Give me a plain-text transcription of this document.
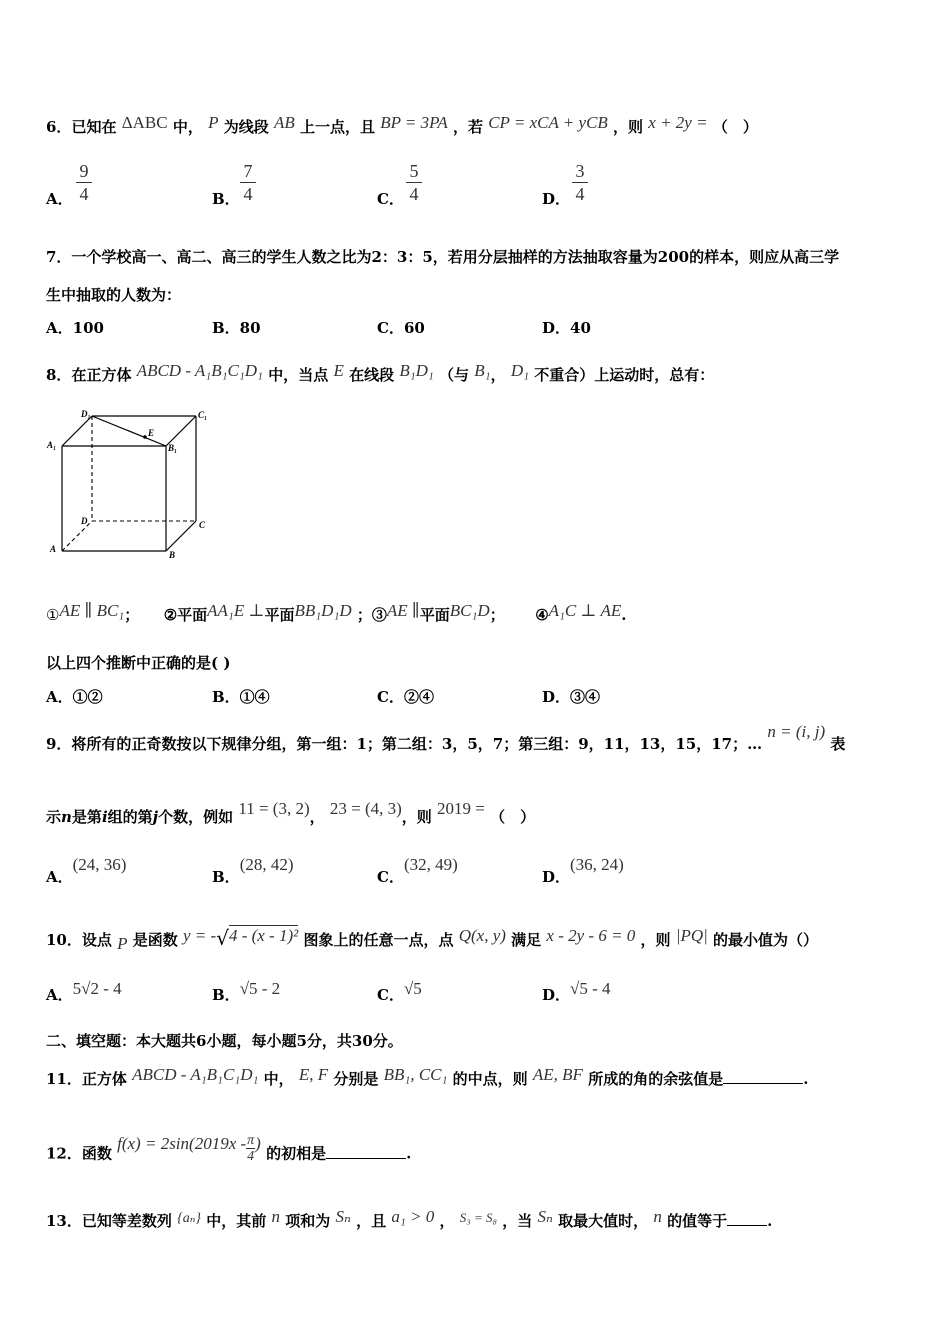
6．已知在 ΔABC 中， P 为线段 AB 上一点，且 BP = 3PA ，若 CP = xCA + yCB ，则 x + 2y = （　）
A． $\frac{9}{4}$	B． $\frac{7}{4}$	C． $\frac{5}{4}$	D． $\frac{3}{4}$
7．一个学校高一、高二、高三的学生人数之比为2：3：5，若用分层抽样的方法抽取容量为200的样本，则应从高三学
生中抽取的人数为：
A．100	B．80	C．60	D．40
8．在正方体 ABCD - A₁B₁C₁D₁ 中，当点 E 在线段 B₁D₁ （与 B₁， D₁ 不重合）上运动时，总有：
D₁	C₁
A₁	B₁
E
D	C
A
B
①AE ∥ BC₁； ②平面AA₁E ⊥平面BB₁D₁D ；③AE ∥平面BC₁D； ④A₁C ⊥ AE.
以上四个推断中正确的是( )
A．①②	B．①④	C．②④	D．③④
9．将所有的正奇数按以下规律分组，第一组：1；第二组：3，5，7；第三组：9，11，13，15，17；… n = (i, j) 表
示n是第i组的第j个数，例如 11 = (3, 2)， 23 = (4, 3)，则 2019 = （　）
A．(24, 36)
B．(28, 42)
C．(32, 49)
D．(36, 24)
10．设点 P 是函数 y = -√4 - (x - 1)² 图象上的任意一点，点 Q(x, y) 满足 x - 2y - 6 = 0 ，则 |PQ| 的最小值为（）
A．5√2 - 4	B．√5 - 2	C．√5	D．√5 - 4
二、填空题：本大题共6小题，每小题5分，共30分。
11．正方体 ABCD - A₁B₁C₁D₁ 中， E, F 分别是 BB₁, CC₁ 的中点，则 AE, BF 所成的角的余弦值是	.
12．函数 $f(x) = 2\sin(2019x - \frac{\pi}{4}$ ) 的初相是	.
13．已知等差数列 {aₙ} 中，其前 n 项和为 Sₙ ，且 a₁ > 0 ， S₃ = S₈ ，当 Sₙ 取最大值时， n 的值等于	.
